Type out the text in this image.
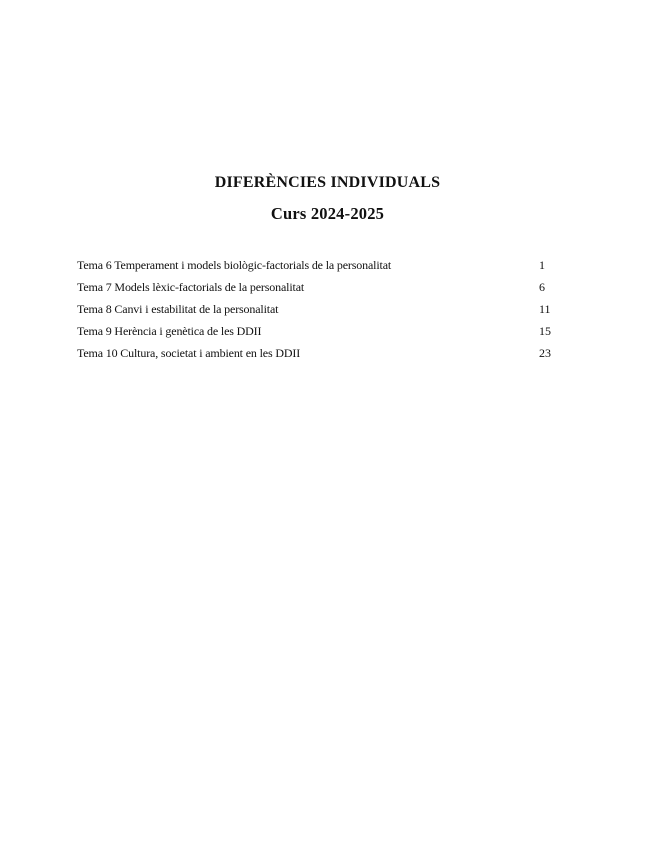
DIFERÈNCIES INDIVIDUALS
Curs 2024-2025
Tema 6 Temperament i models biològic-factorials de la personalitat	1
Tema 7 Models lèxic-factorials de la personalitat	6
Tema 8 Canvi i estabilitat de la personalitat	11
Tema 9 Herència i genètica de les DDII	15
Tema 10 Cultura, societat i ambient en les DDII	23
